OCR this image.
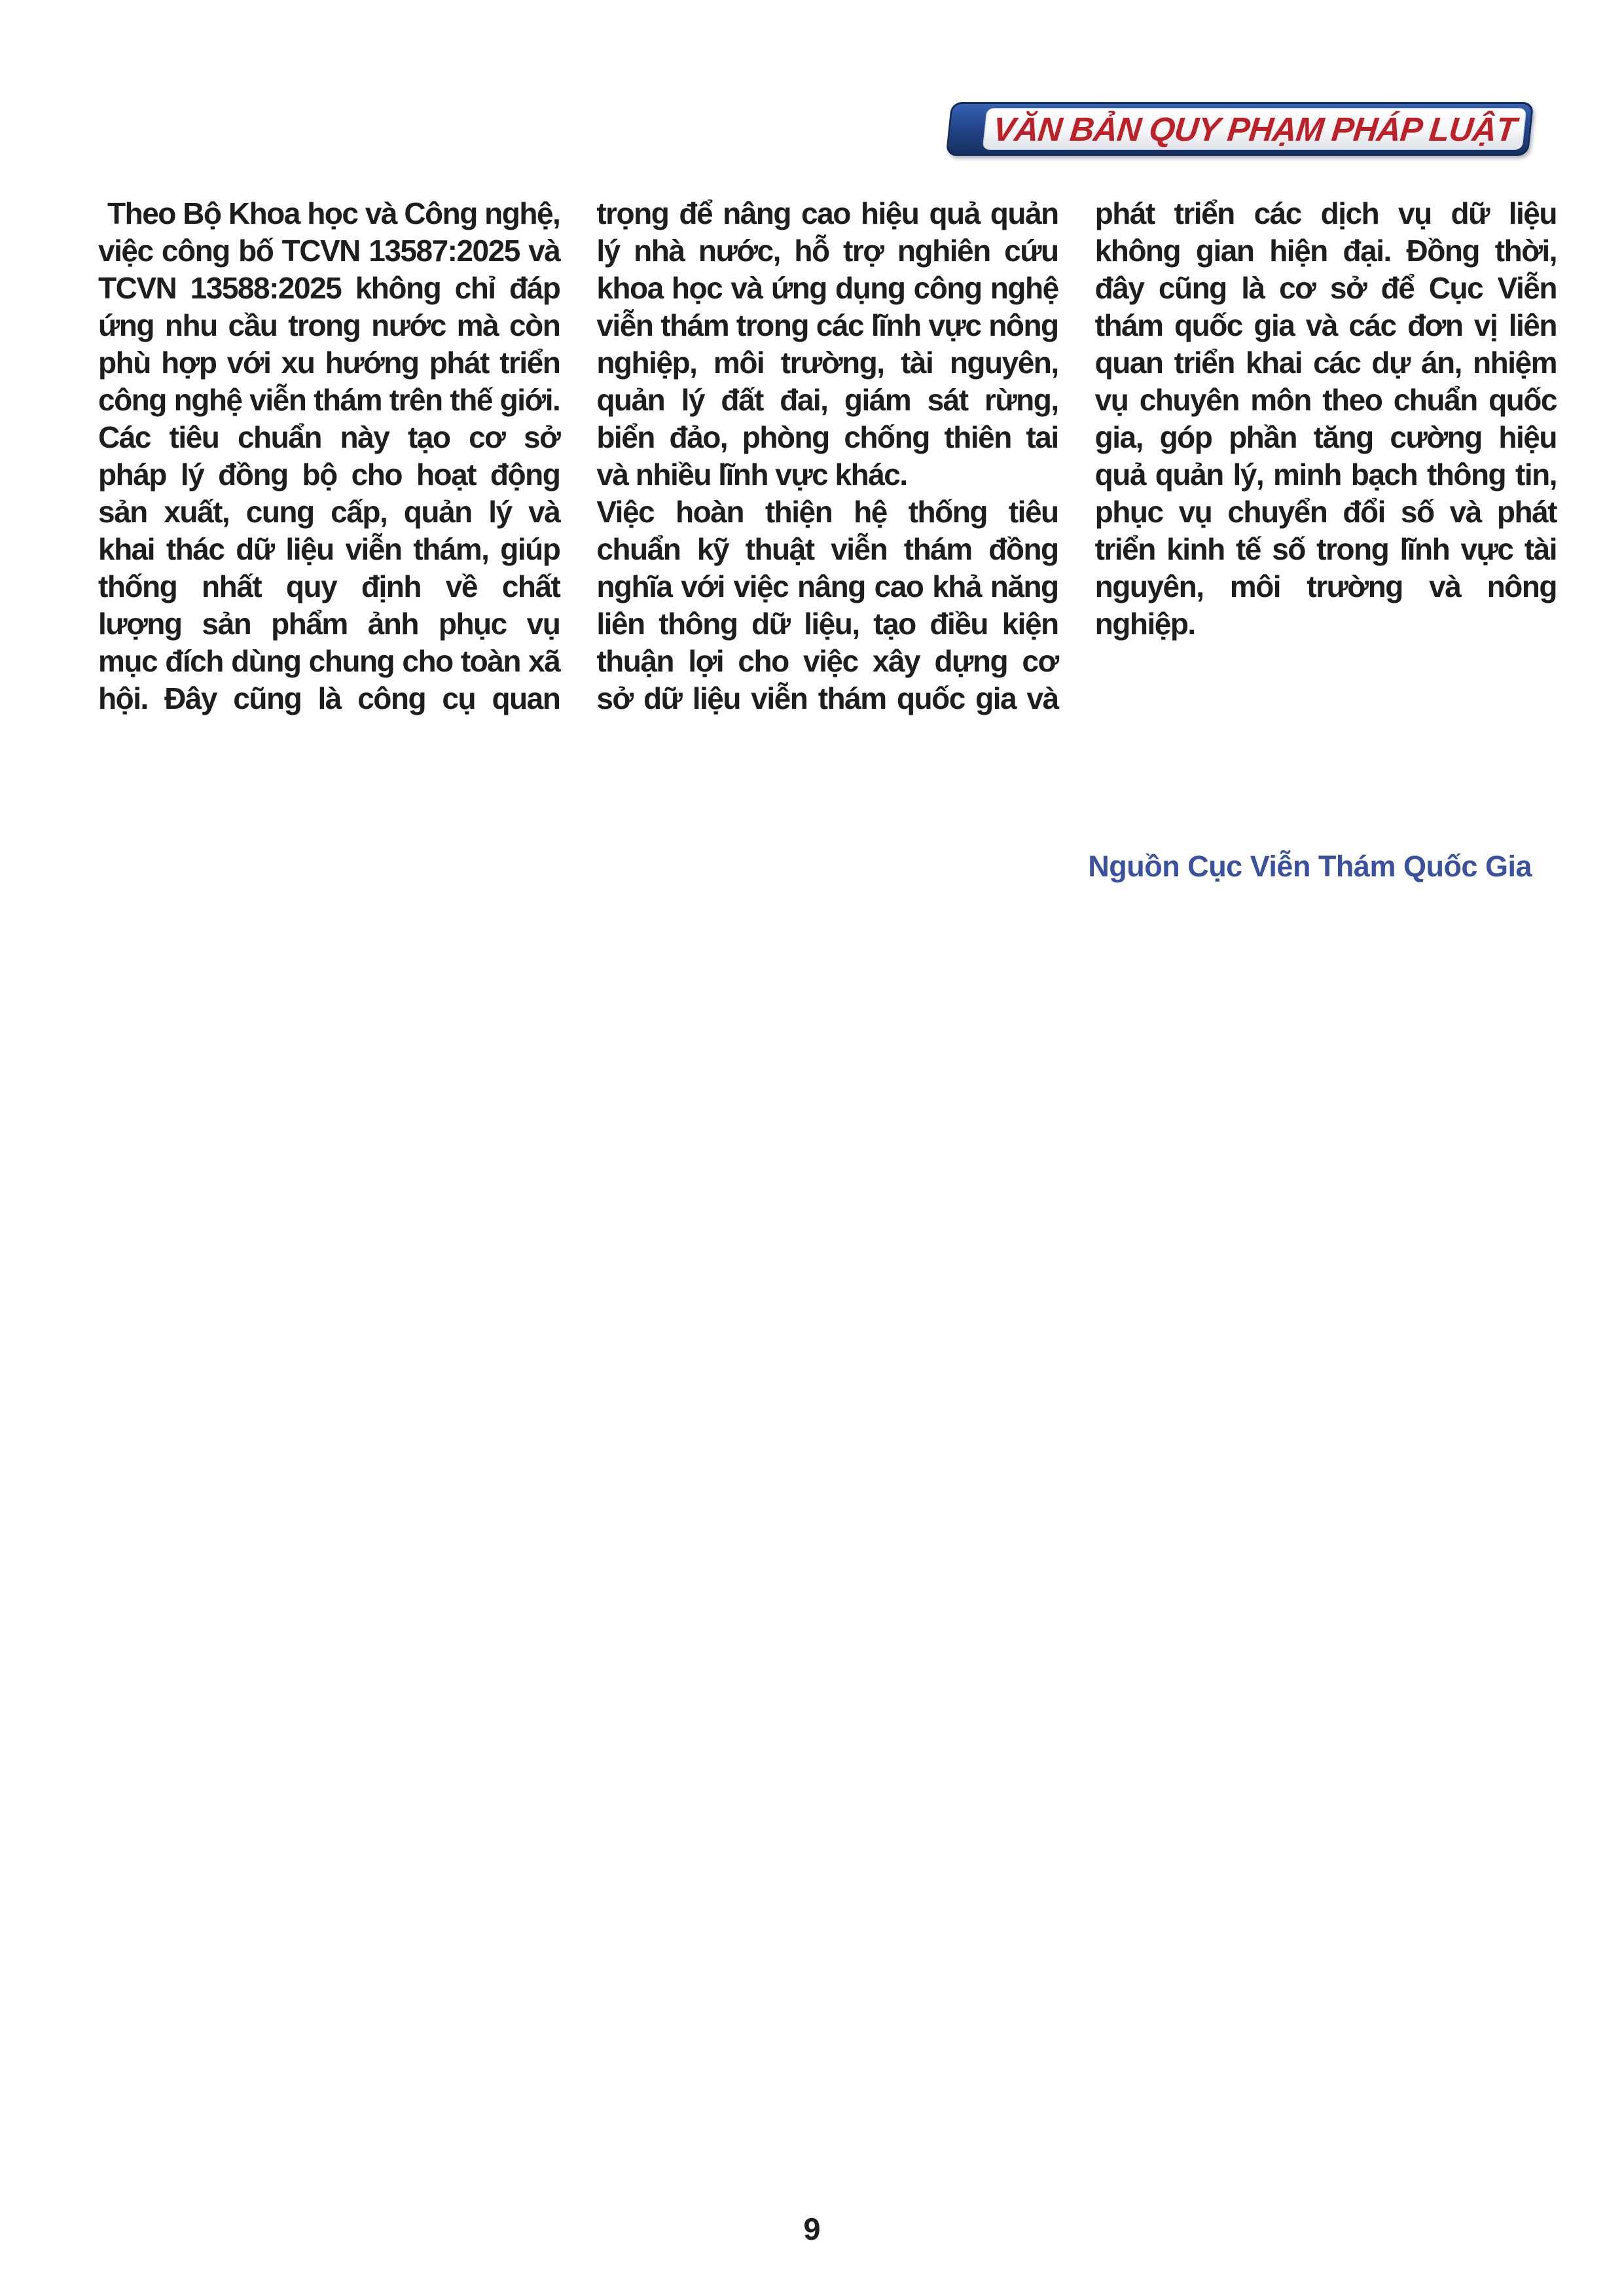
VĂN BẢN QUY PHẠM PHÁP LUẬT

Theo Bộ Khoa học và Công nghệ, việc công bố TCVN 13587:2025 và TCVN 13588:2025 không chỉ đáp ứng nhu cầu trong nước mà còn phù hợp với xu hướng phát triển công nghệ viễn thám trên thế giới. Các tiêu chuẩn này tạo cơ sở pháp lý đồng bộ cho hoạt động sản xuất, cung cấp, quản lý và khai thác dữ liệu viễn thám, giúp thống nhất quy định về chất lượng sản phẩm ảnh phục vụ mục đích dùng chung cho toàn xã hội. Đây cũng là công cụ quan trọng để nâng cao hiệu quả quản lý nhà nước, hỗ trợ nghiên cứu khoa học và ứng dụng công nghệ viễn thám trong các lĩnh vực nông nghiệp, môi trường, tài nguyên, quản lý đất đai, giám sát rừng, biển đảo, phòng chống thiên tai và nhiều lĩnh vực khác.

Việc hoàn thiện hệ thống tiêu chuẩn kỹ thuật viễn thám đồng nghĩa với việc nâng cao khả năng liên thông dữ liệu, tạo điều kiện thuận lợi cho việc xây dựng cơ sở dữ liệu viễn thám quốc gia và phát triển các dịch vụ dữ liệu không gian hiện đại. Đồng thời, đây cũng là cơ sở để Cục Viễn thám quốc gia và các đơn vị liên quan triển khai các dự án, nhiệm vụ chuyên môn theo chuẩn quốc gia, góp phần tăng cường hiệu quả quản lý, minh bạch thông tin, phục vụ chuyển đổi số và phát triển kinh tế số trong lĩnh vực tài nguyên, môi trường và nông nghiệp.

Nguồn Cục Viễn Thám Quốc Gia
9
